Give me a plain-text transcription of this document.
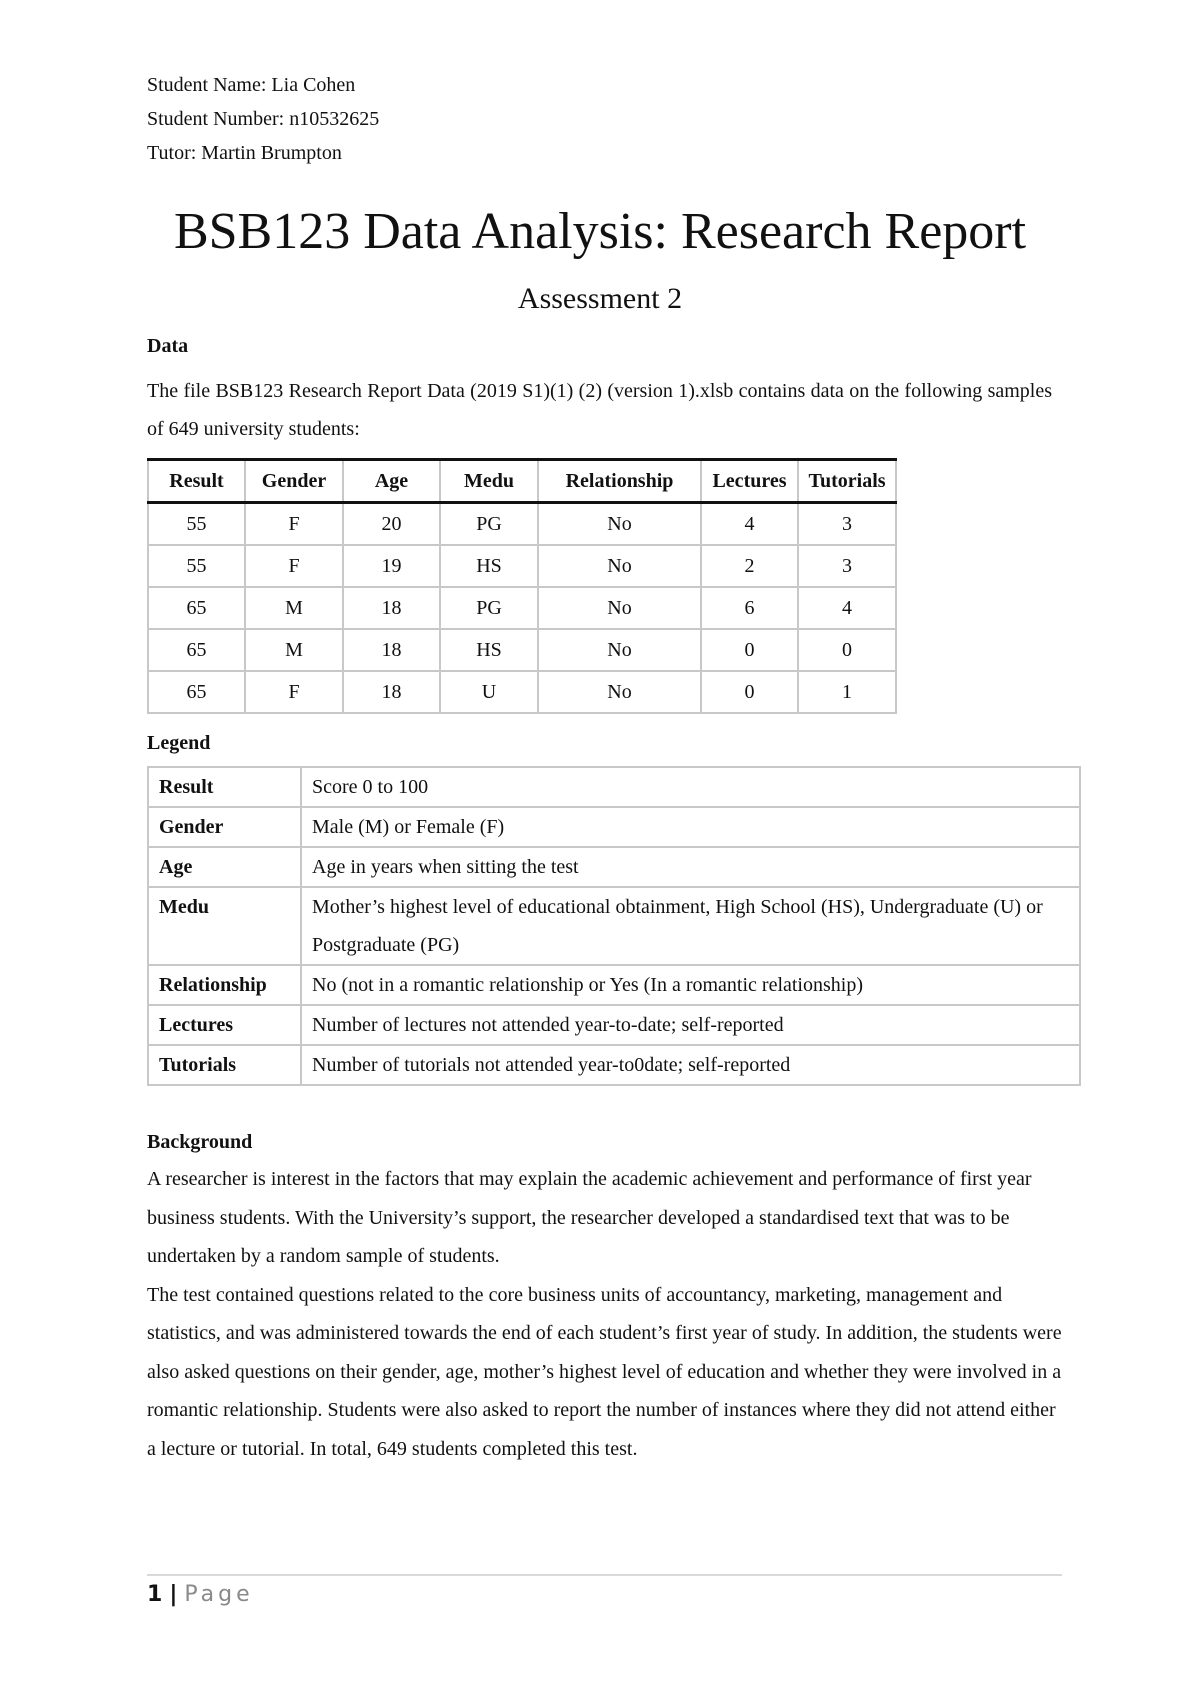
Student Name: Lia Cohen
Student Number: n10532625
Tutor: Martin Brumpton
BSB123 Data Analysis: Research Report
Assessment 2
Data
The file BSB123 Research Report Data (2019 S1)(1) (2) (version 1).xlsb contains data on the following samples of 649 university students:
Result	Gender	Age	Medu	Relationship	Lectures	Tutorials
55	F	20	PG	No	4	3
55	F	19	HS	No	2	3
65	M	18	PG	No	6	4
65	M	18	HS	No	0	0
65	F	18	U	No	0	1
Legend
Result	Score 0 to 100
Gender	Male (M) or Female (F)
Age	Age in years when sitting the test
Medu	Mother’s highest level of educational obtainment, High School (HS), Undergraduate (U) or Postgraduate (PG)
Relationship	No (not in a romantic relationship or Yes (In a romantic relationship)
Lectures	Number of lectures not attended year-to-date; self-reported
Tutorials	Number of tutorials not attended year-to0date; self-reported
Background

A researcher is interest in the factors that may explain the academic achievement and performance of first year business students. With the University’s support, the researcher developed a standardised text that was to be undertaken by a random sample of students.

The test contained questions related to the core business units of accountancy, marketing, management and statistics, and was administered towards the end of each student’s first year of study. In addition, the students were also asked questions on their gender, age, mother’s highest level of education and whether they were involved in a romantic relationship. Students were also asked to report the number of instances where they did not attend either a lecture or tutorial. In total, 649 students completed this test.

1 | Page
